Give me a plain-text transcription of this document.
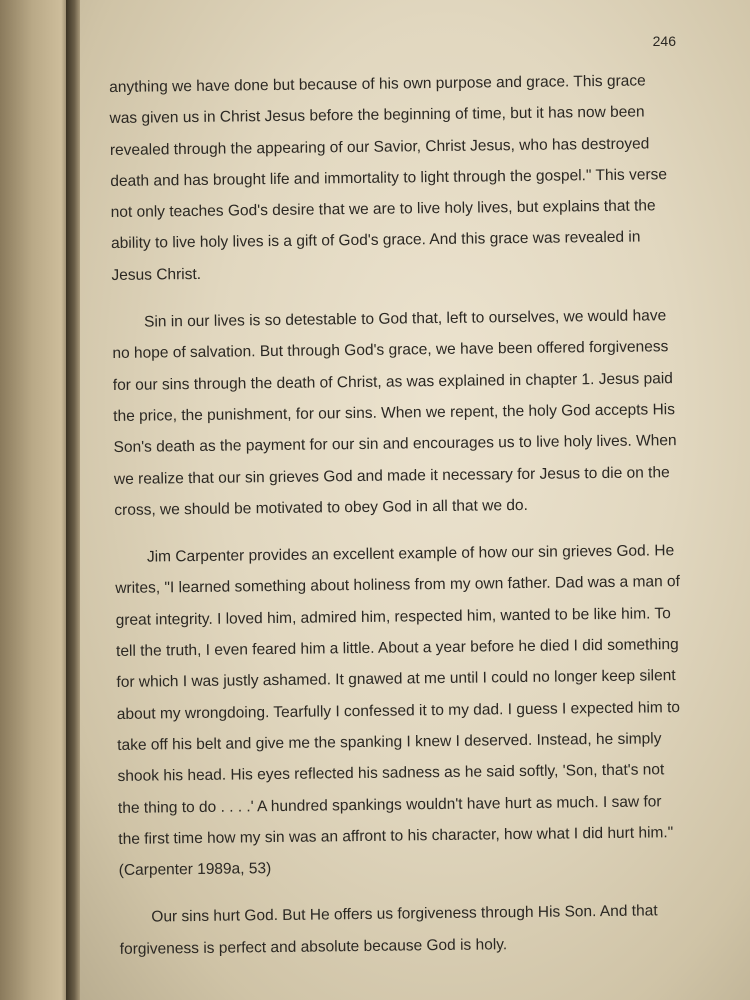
246
anything we have done but because of his own purpose and grace. This grace
was given us in Christ Jesus before the beginning of time, but it has now been
revealed through the appearing of our Savior, Christ Jesus, who has destroyed
death and has brought life and immortality to light through the gospel." This verse
not only teaches God's desire that we are to live holy lives, but explains that the
ability to live holy lives is a gift of God's grace. And this grace was revealed in
Jesus Christ.
Sin in our lives is so detestable to God that, left to ourselves, we would have
no hope of salvation. But through God's grace, we have been offered forgiveness
for our sins through the death of Christ, as was explained in chapter 1. Jesus paid
the price, the punishment, for our sins. When we repent, the holy God accepts His
Son's death as the payment for our sin and encourages us to live holy lives. When
we realize that our sin grieves God and made it necessary for Jesus to die on the
cross, we should be motivated to obey God in all that we do.
Jim Carpenter provides an excellent example of how our sin grieves God. He
writes, "I learned something about holiness from my own father. Dad was a man of
great integrity. I loved him, admired him, respected him, wanted to be like him. To
tell the truth, I even feared him a little. About a year before he died I did something
for which I was justly ashamed. It gnawed at me until I could no longer keep silent
about my wrongdoing. Tearfully I confessed it to my dad. I guess I expected him to
take off his belt and give me the spanking I knew I deserved. Instead, he simply
shook his head. His eyes reflected his sadness as he said softly, 'Son, that's not
the thing to do . . . .' A hundred spankings wouldn't have hurt as much. I saw for
the first time how my sin was an affront to his character, how what I did hurt him."
(Carpenter 1989a, 53)
Our sins hurt God. But He offers us forgiveness through His Son. And that
forgiveness is perfect and absolute because God is holy.
